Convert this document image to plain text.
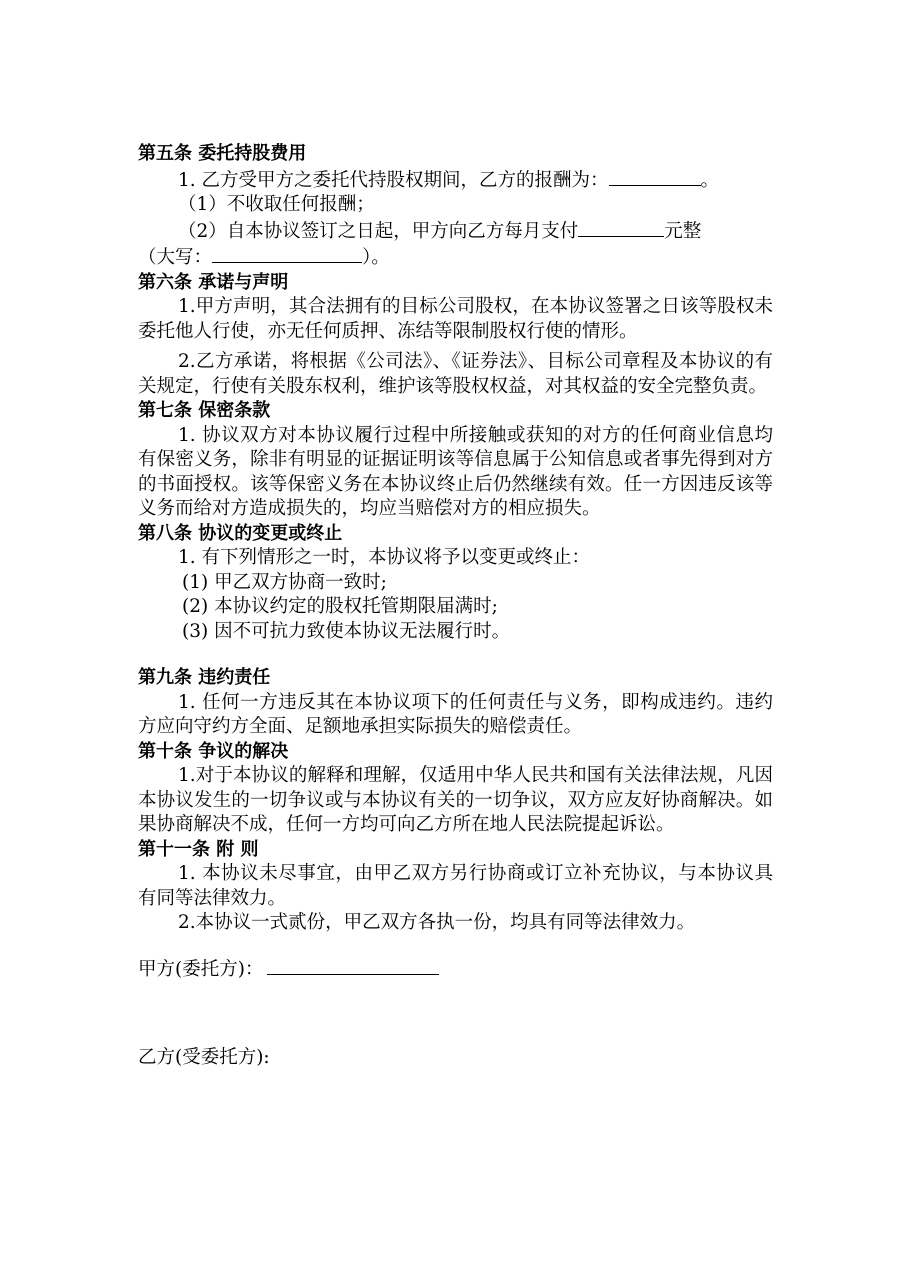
第五条 委托持股费用

1. 乙方受甲方之委托代持股权期间，乙方的报酬为：	。

（1）不收取任何报酬；

（2）自本协议签订之日起，甲方向乙方每月支付	元整

（大写：	）。

第六条 承诺与声明

1.甲方声明，其合法拥有的目标公司股权，在本协议签署之日该等股权未委托他人行使，亦无任何质押、冻结等限制股权行使的情形。

2.乙方承诺，将根据《公司法》、《证券法》、目标公司章程及本协议的有关规定，行使有关股东权利，维护该等股权权益，对其权益的安全完整负责。

第七条 保密条款

1. 协议双方对本协议履行过程中所接触或获知的对方的任何商业信息均有保密义务，除非有明显的证据证明该等信息属于公知信息或者事先得到对方的书面授权。该等保密义务在本协议终止后仍然继续有效。任一方因违反该等义务而给对方造成损失的，均应当赔偿对方的相应损失。

第八条 协议的变更或终止

1. 有下列情形之一时，本协议将予以变更或终止：

(1) 甲乙双方协商一致时;

(2) 本协议约定的股权托管期限届满时;

(3) 因不可抗力致使本协议无法履行时。

第九条 违约责任

1. 任何一方违反其在本协议项下的任何责任与义务，即构成违约。违约方应向守约方全面、足额地承担实际损失的赔偿责任。

第十条 争议的解决

1.对于本协议的解释和理解，仅适用中华人民共和国有关法律法规，凡因本协议发生的一切争议或与本协议有关的一切争议，双方应友好协商解决。如果协商解决不成，任何一方均可向乙方所在地人民法院提起诉讼。

第十一条 附 则

1. 本协议未尽事宜，由甲乙双方另行协商或订立补充协议，与本协议具有同等法律效力。

2.本协议一式贰份，甲乙双方各执一份，均具有同等法律效力。

甲方(委托方)：

乙方(受委托方):
